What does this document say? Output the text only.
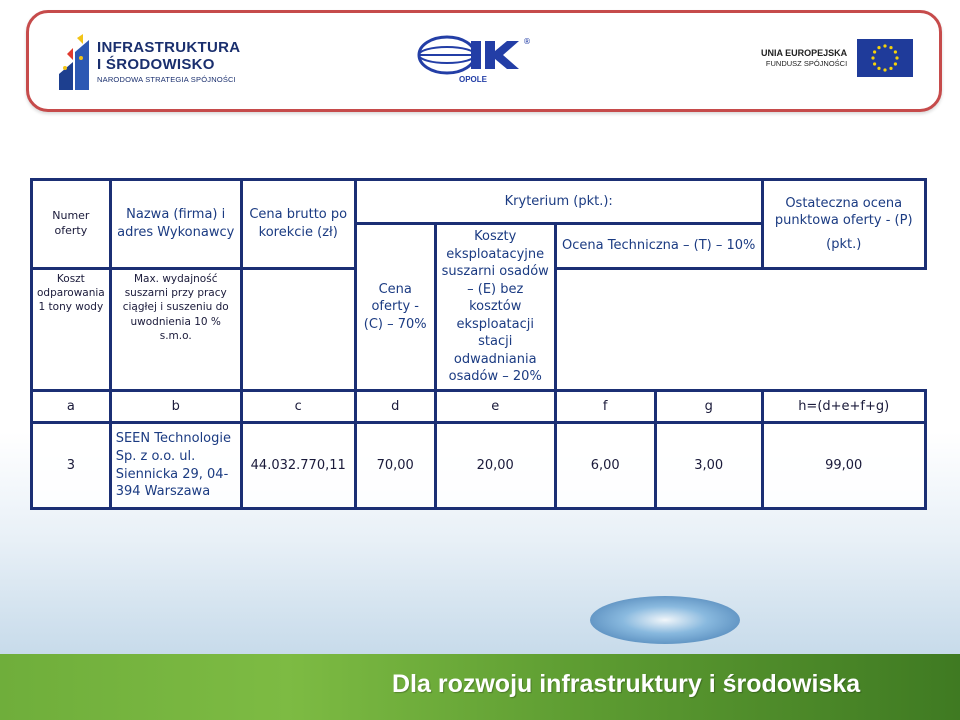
INFRASTRUKTURA
I ŚRODOWISKO
NARODOWA STRATEGIA SPÓJNOŚCI
®
OPOLE
UNIA EUROPEJSKA
FUNDUSZ SPÓJNOŚCI
Numer oferty	Nazwa (firma) i adres Wykonawcy	Cena brutto po korekcie (zł)	Kryterium (pkt.):				Ostateczna ocena punktowa oferty - (P)
(pkt.)

			Cena oferty - (C) – 70%	Koszty eksploatacyjne suszarni osadów – (E) bez kosztów eksploatacji stacji odwadniania osadów – 20%	Ocena Techniczna – (T) – 10%		
Koszt odparowania 1 tony wody	Max. wydajność suszarni przy pracy ciągłej i suszeniu do uwodnienia 10 % s.m.o.						
a	b	c	d	e	f	g	h=(d+e+f+g)
3	SEEN Technologie Sp. z o.o. ul. Siennicka 29, 04-394 Warszawa	44.032.770,11	70,00	20,00	6,00	3,00	99,00
Dla rozwoju infrastruktury i środowiska
